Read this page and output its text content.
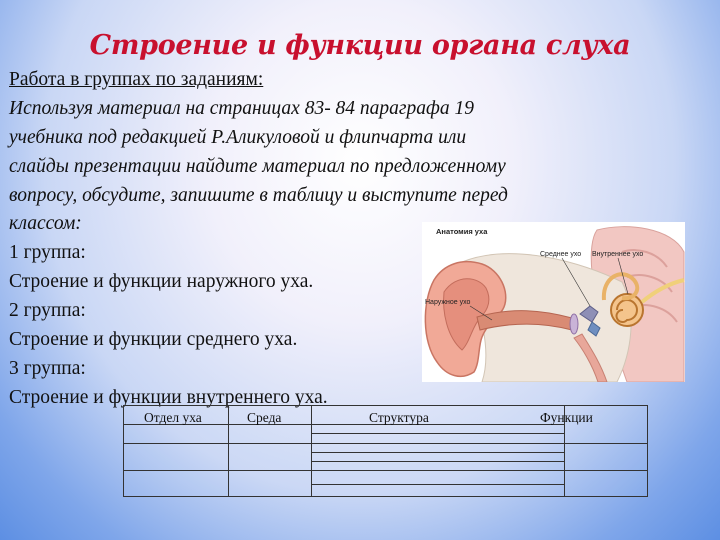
Строение и функции органа слуха
Работа в группах по заданиям:
Используя материал на страницах 83- 84 параграфа 19
учебника под редакцией Р.Аликуловой и флипчарта или
слайды презентации найдите материал по предложенному
вопросу, обсудите, запишите в таблицу и выступите перед
классом:
1 группа:
Строение и функции наружного уха.
2 группа:
Строение и функции среднего уха.
3 группа:
Строение и функции внутреннего уха.
Анатомия уха
Среднее ухо Внутреннее ухо
Наружное ухо
Отдел уха	Среда	Структура	Функции
